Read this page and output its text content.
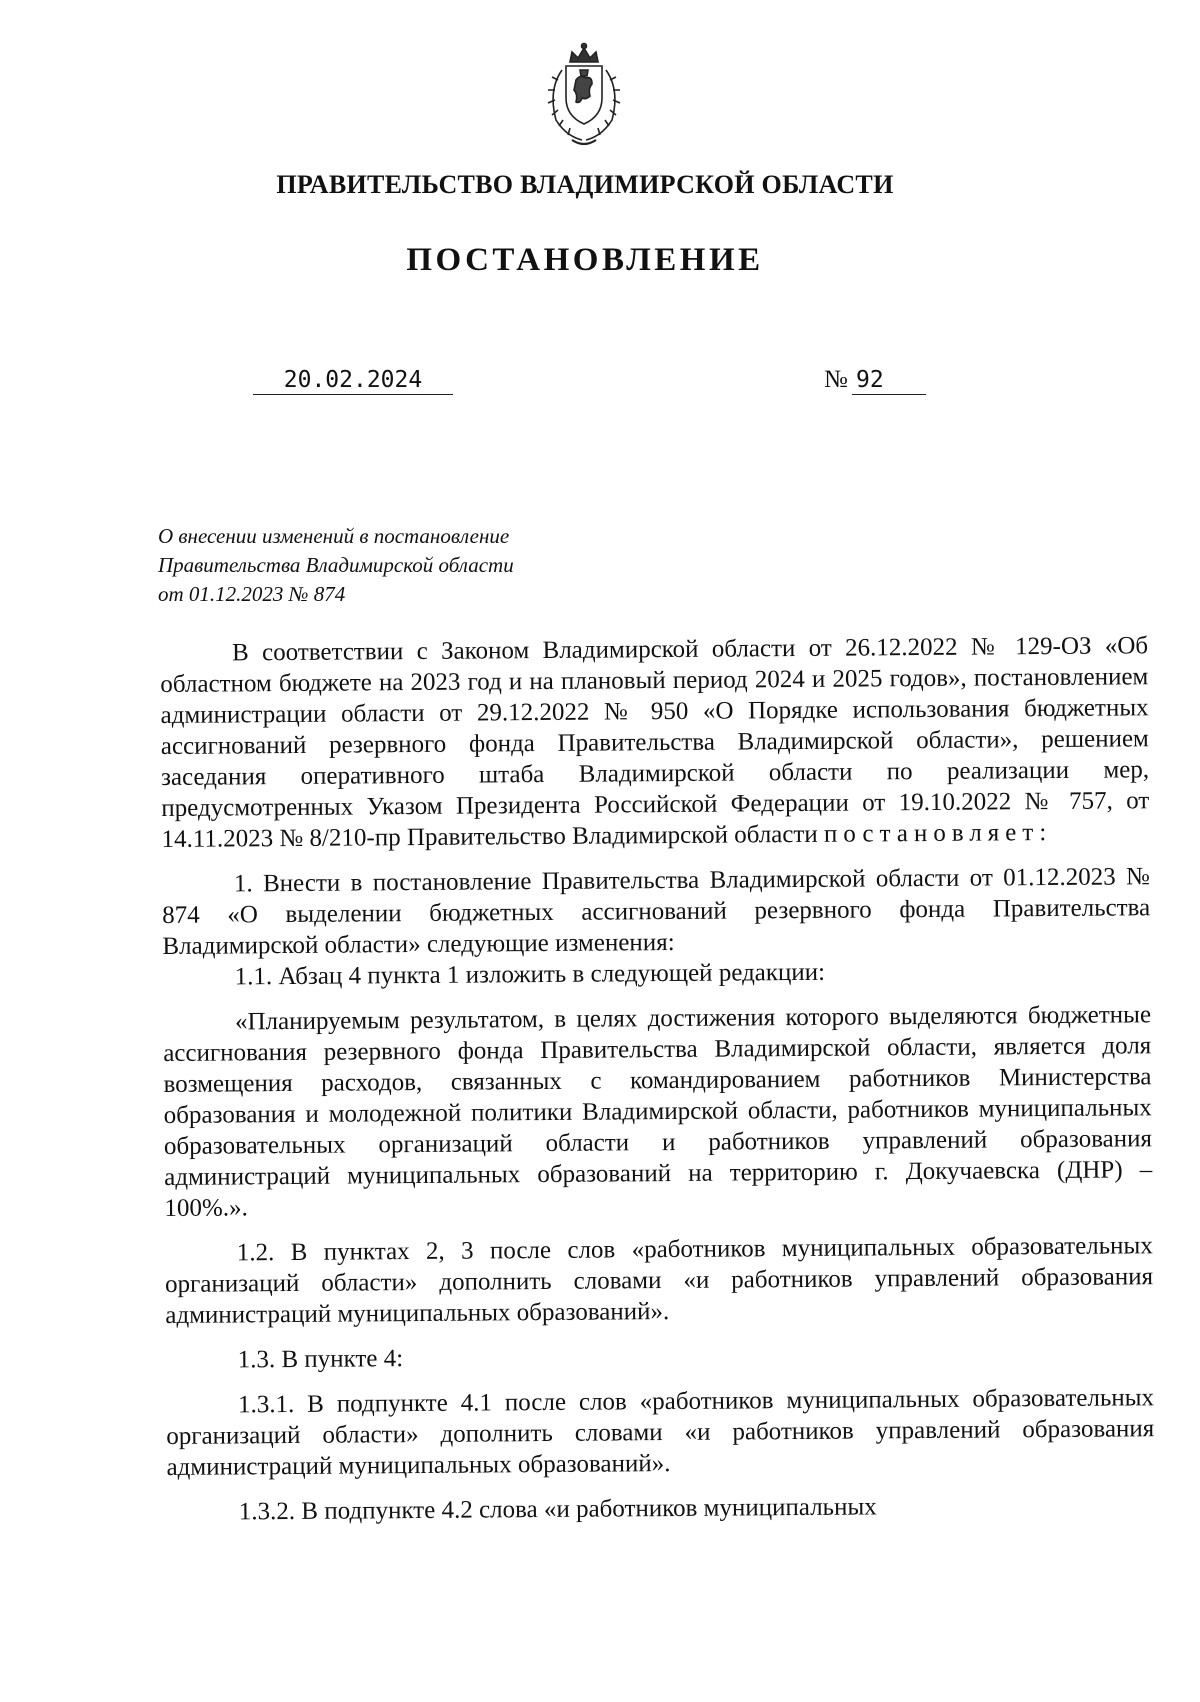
ПРАВИТЕЛЬСТВО ВЛАДИМИРСКОЙ ОБЛАСТИ
ПОСТАНОВЛЕНИЕ
20.02.2024	№ 92
О внесении изменений в постановление
Правительства Владимирской области
от 01.12.2023 № 874

В соответствии с Законом Владимирской области от 26.12.2022 № 129-ОЗ «Об областном бюджете на 2023 год и на плановый период 2024 и 2025 годов», постановлением администрации области от 29.12.2022 № 950 «О Порядке использования бюджетных ассигнований резервного фонда Правительства Владимирской области», решением заседания оперативного штаба Владимирской области по реализации мер, предусмотренных Указом Президента Российской Федерации от 19.10.2022 № 757, от 14.11.2023 № 8/210-пр Правительство Владимирской области постановляет:

1. Внести в постановление Правительства Владимирской области от 01.12.2023 № 874 «О выделении бюджетных ассигнований резервного фонда Правительства Владимирской области» следующие изменения:

1.1. Абзац 4 пункта 1 изложить в следующей редакции:

«Планируемым результатом, в целях достижения которого выделяются бюджетные ассигнования резервного фонда Правительства Владимирской области, является доля возмещения расходов, связанных с командированием работников Министерства образования и молодежной политики Владимирской области, работников муниципальных образовательных организаций области и работников управлений образования администраций муниципальных образований на территорию г. Докучаевска (ДНР) – 100%.».

1.2. В пунктах 2, 3 после слов «работников муниципальных образовательных организаций области» дополнить словами «и работников управлений образования администраций муниципальных образований».

1.3. В пункте 4:

1.3.1. В подпункте 4.1 после слов «работников муниципальных образовательных организаций области» дополнить словами «и работников управлений образования администраций муниципальных образований».

1.3.2. В подпункте 4.2 слова «и работников муниципальных
